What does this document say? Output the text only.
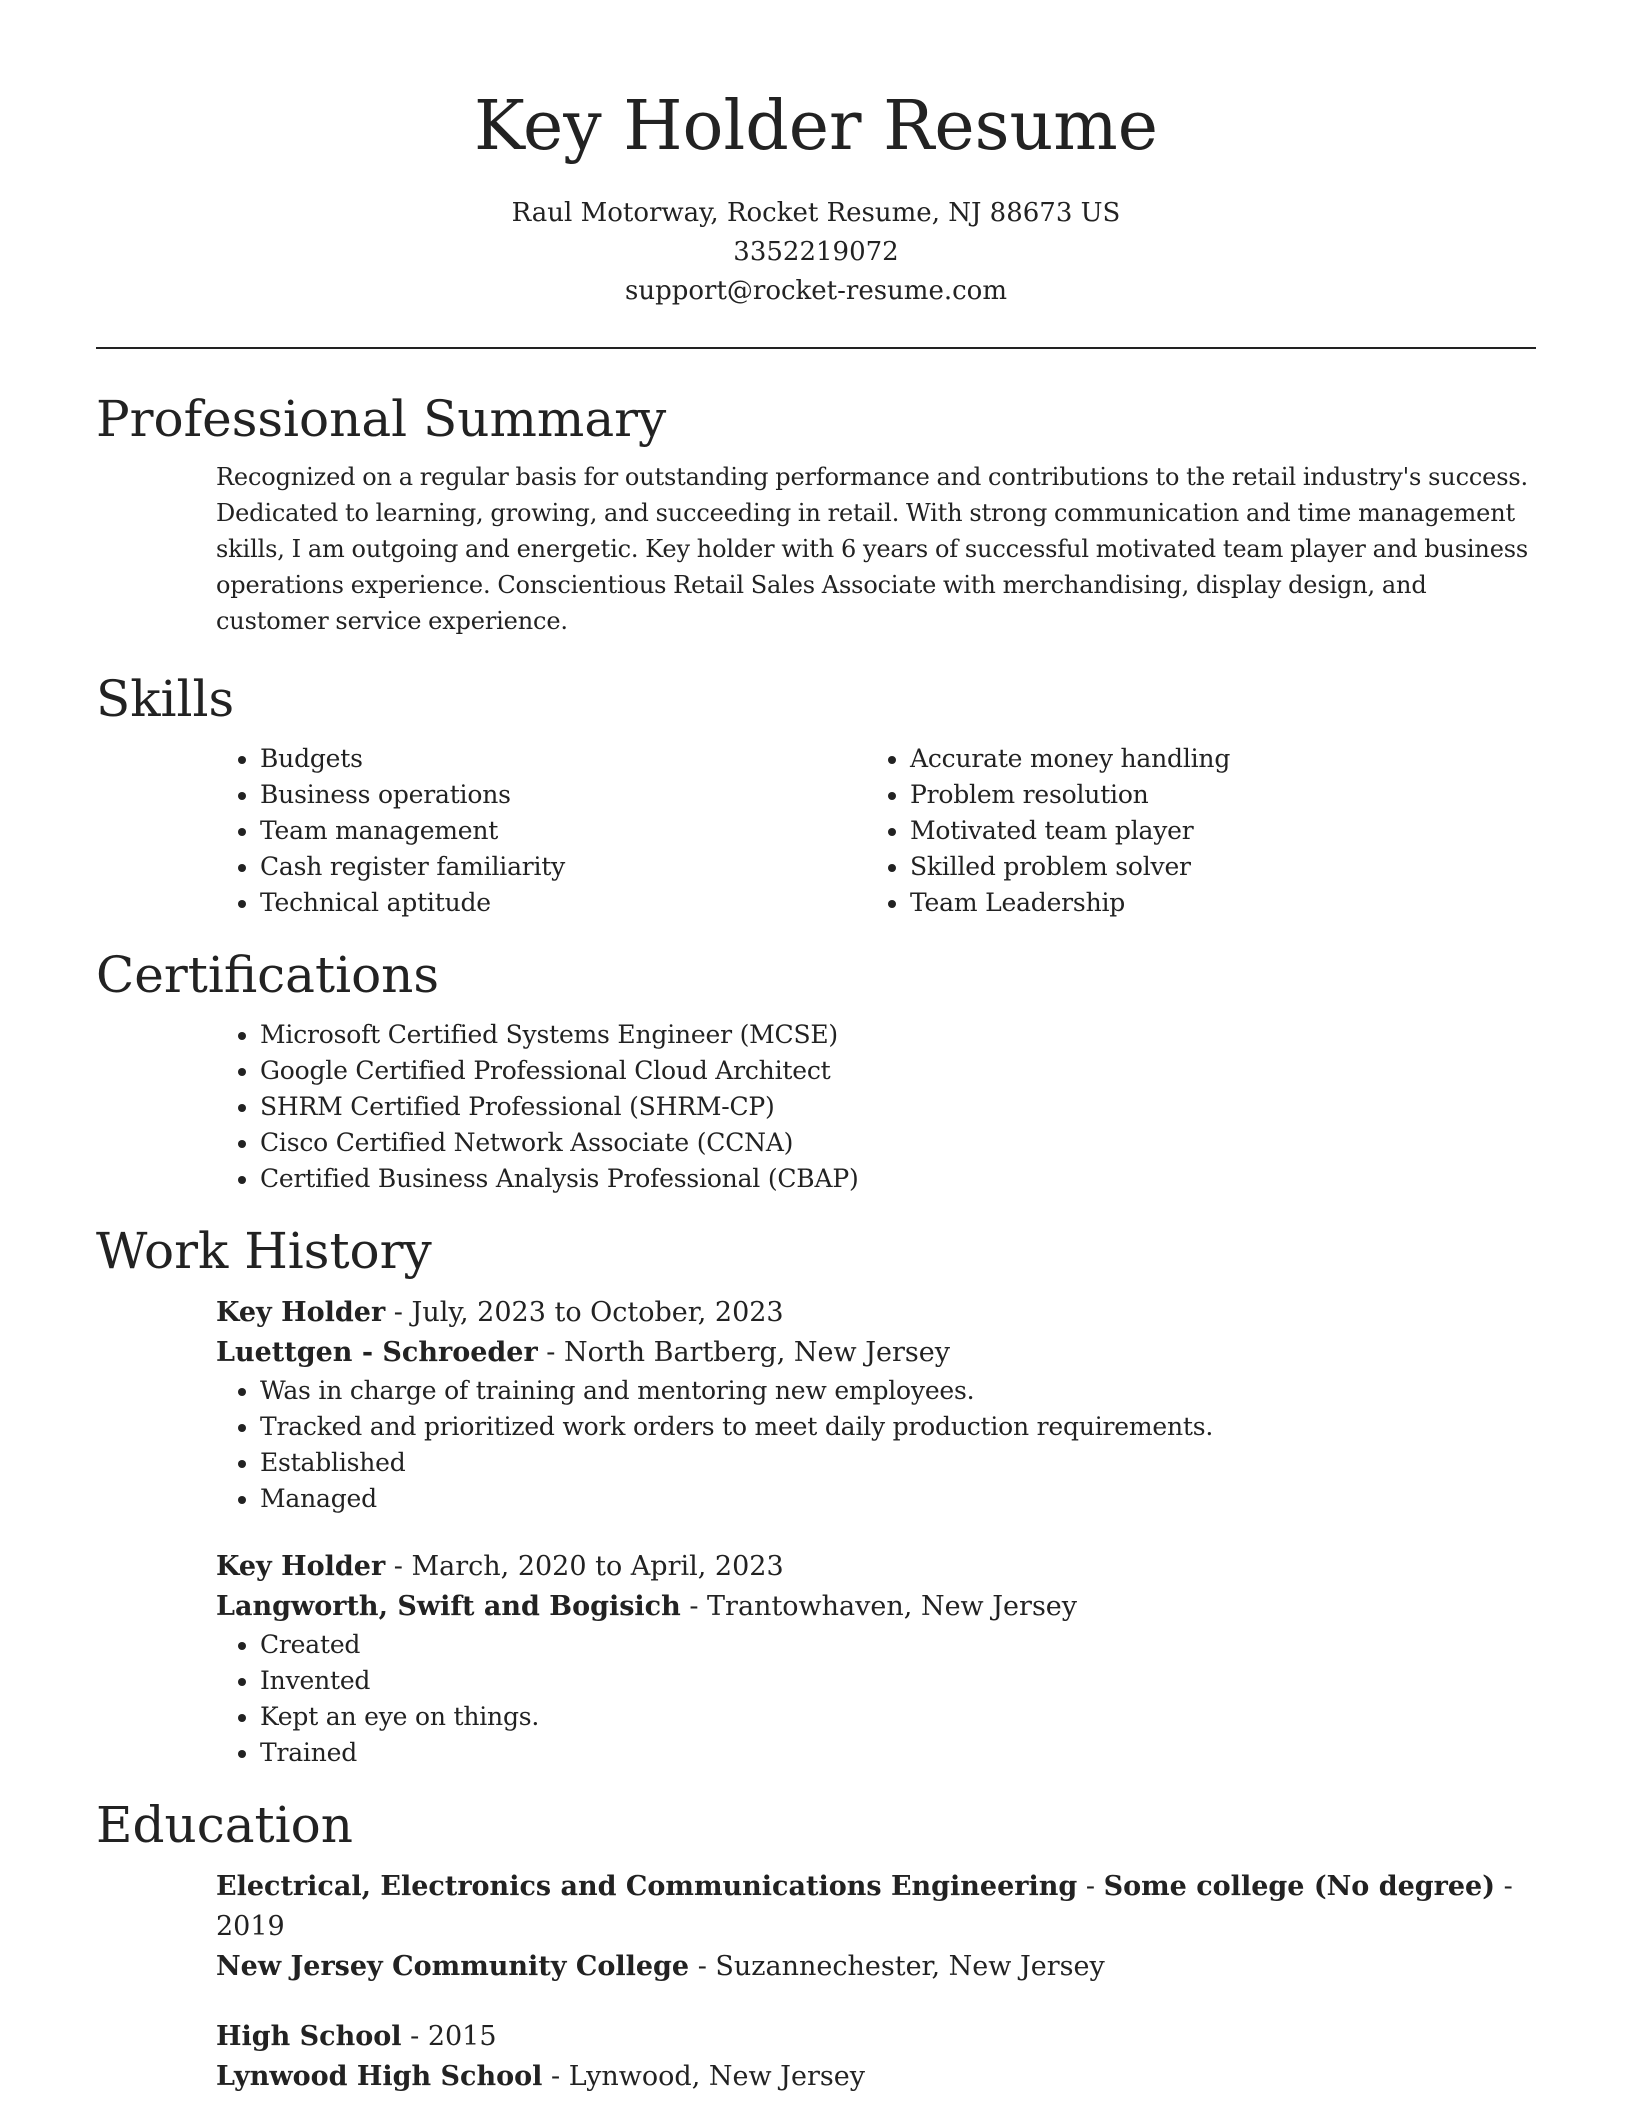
Key Holder Resume
Raul Motorway, Rocket Resume, NJ 88673 US
3352219072
support@rocket-resume.com
Professional Summary

Recognized on a regular basis for outstanding performance and contributions to the retail industry's success. Dedicated to learning, growing, and succeeding in retail. With strong communication and time management skills, I am outgoing and energetic. Key holder with 6 years of successful motivated team player and business operations experience. Conscientious Retail Sales Associate with merchandising, display design, and customer service experience.

Skills
• Budgets
• Business operations
• Team management
• Cash register familiarity
• Technical aptitude
• Accurate money handling
• Problem resolution
• Motivated team player
• Skilled problem solver
• Team Leadership
Certifications
• Microsoft Certified Systems Engineer (MCSE)
• Google Certified Professional Cloud Architect
• SHRM Certified Professional (SHRM-CP)
• Cisco Certified Network Associate (CCNA)
• Certified Business Analysis Professional (CBAP)
Work History
Key Holder - July, 2023 to October, 2023
Luettgen - Schroeder - North Bartberg, New Jersey
• Was in charge of training and mentoring new employees.
• Tracked and prioritized work orders to meet daily production requirements.
• Established
• Managed
Key Holder - March, 2020 to April, 2023
Langworth, Swift and Bogisich - Trantowhaven, New Jersey
• Created
• Invented
• Kept an eye on things.
• Trained
Education
Electrical, Electronics and Communications Engineering - Some college (No degree) - 2019
New Jersey Community College - Suzannechester, New Jersey
High School - 2015
Lynwood High School - Lynwood, New Jersey
